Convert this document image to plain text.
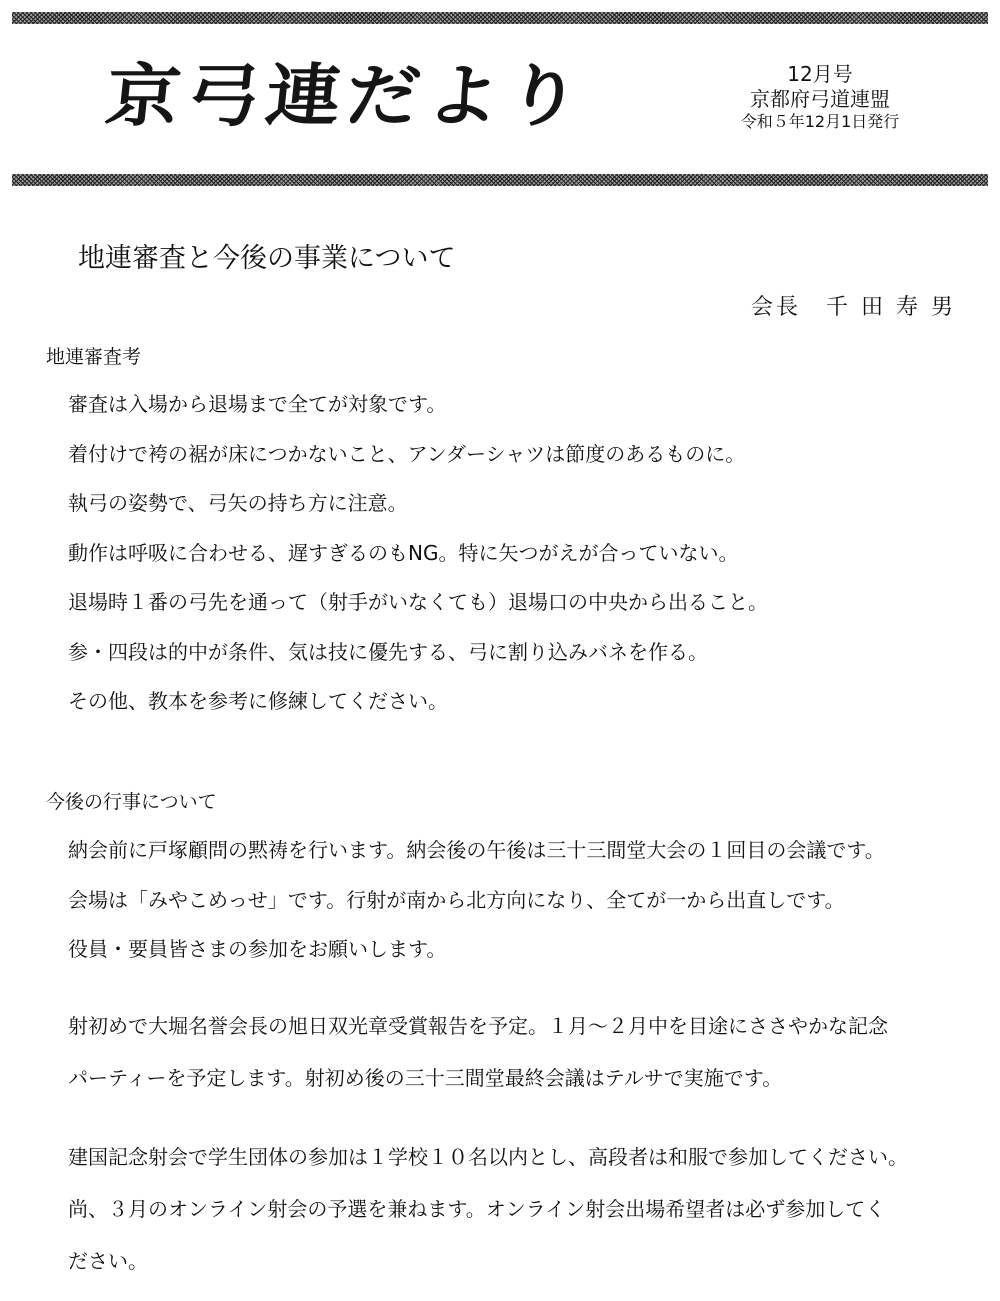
京弓連だより	12月号
京都府弓道連盟
令和５年12月1日発行
地連審査と今後の事業について
会長　千 田 寿 男
地連審査考
審査は入場から退場まで全てが対象です。
着付けで袴の裾が床につかないこと、アンダーシャツは節度のあるものに。
執弓の姿勢で、弓矢の持ち方に注意。
動作は呼吸に合わせる、遅すぎるのもNG。特に矢つがえが合っていない。
退場時１番の弓先を通って（射手がいなくても）退場口の中央から出ること。
参・四段は的中が条件、気は技に優先する、弓に割り込みバネを作る。
その他、教本を参考に修練してください。
今後の行事について
納会前に戸塚顧問の黙祷を行います。納会後の午後は三十三間堂大会の１回目の会議です。
会場は「みやこめっせ」です。行射が南から北方向になり、全てが一から出直しです。
役員・要員皆さまの参加をお願いします。
射初めで大堀名誉会長の旭日双光章受賞報告を予定。１月～２月中を目途にささやかな記念
パーティーを予定します。射初め後の三十三間堂最終会議はテルサで実施です。
建国記念射会で学生団体の参加は１学校１０名以内とし、高段者は和服で参加してください。
尚、３月のオンライン射会の予選を兼ねます。オンライン射会出場希望者は必ず参加してく
ださい。
